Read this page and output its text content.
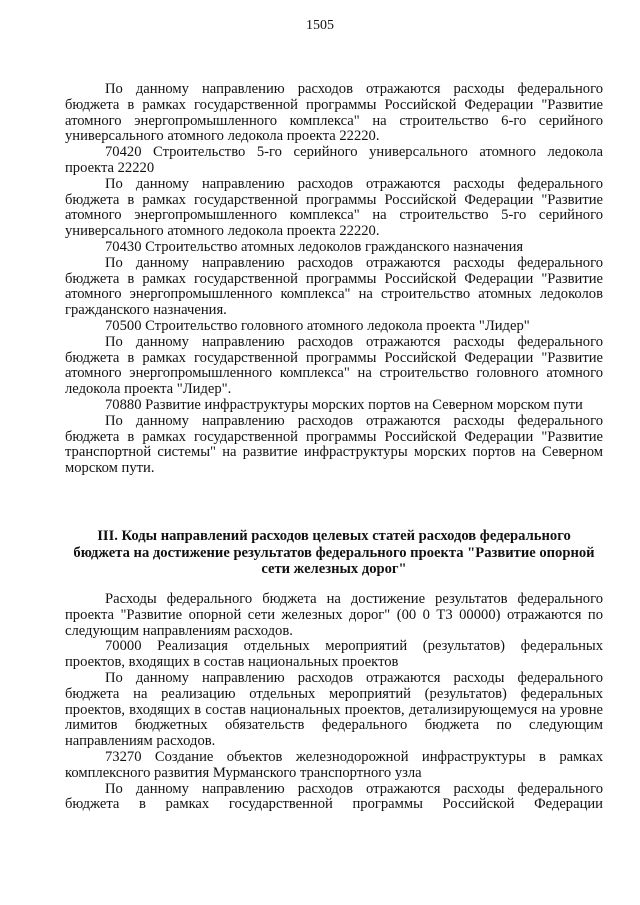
1505

По данному направлению расходов отражаются расходы федерального бюджета в рамках государственной программы Российской Федерации "Развитие атомного энергопромышленного комплекса" на строительство 6-го серийного универсального атомного ледокола проекта 22220.

70420 Строительство 5-го серийного универсального атомного ледокола проекта 22220

По данному направлению расходов отражаются расходы федерального бюджета в рамках государственной программы Российской Федерации "Развитие атомного энергопромышленного комплекса" на строительство 5-го серийного универсального атомного ледокола проекта 22220.

70430 Строительство атомных ледоколов гражданского назначения

По данному направлению расходов отражаются расходы федерального бюджета в рамках государственной программы Российской Федерации "Развитие атомного энергопромышленного комплекса" на строительство атомных ледоколов гражданского назначения.

70500 Строительство головного атомного ледокола проекта "Лидер"

По данному направлению расходов отражаются расходы федерального бюджета в рамках государственной программы Российской Федерации "Развитие атомного энергопромышленного комплекса" на строительство головного атомного ледокола проекта "Лидер".

70880 Развитие инфраструктуры морских портов на Северном морском пути

По данному направлению расходов отражаются расходы федерального бюджета в рамках государственной программы Российской Федерации "Развитие транспортной системы" на развитие инфраструктуры морских портов на Северном морском пути.

III. Коды направлений расходов целевых статей расходов федерального бюджета на достижение результатов федерального проекта "Развитие опорной сети железных дорог"

Расходы федерального бюджета на достижение результатов федерального проекта "Развитие опорной сети железных дорог" (00 0 Т3 00000) отражаются по следующим направлениям расходов.

70000 Реализация отдельных мероприятий (результатов) федеральных проектов, входящих в состав национальных проектов

По данному направлению расходов отражаются расходы федерального бюджета на реализацию отдельных мероприятий (результатов) федеральных проектов, входящих в состав национальных проектов, детализирующемуся на уровне лимитов бюджетных обязательств федерального бюджета по следующим направлениям расходов.

73270 Создание объектов железнодорожной инфраструктуры в рамках комплексного развития Мурманского транспортного узла

По данному направлению расходов отражаются расходы федерального бюджета в рамках государственной программы Российской Федерации
